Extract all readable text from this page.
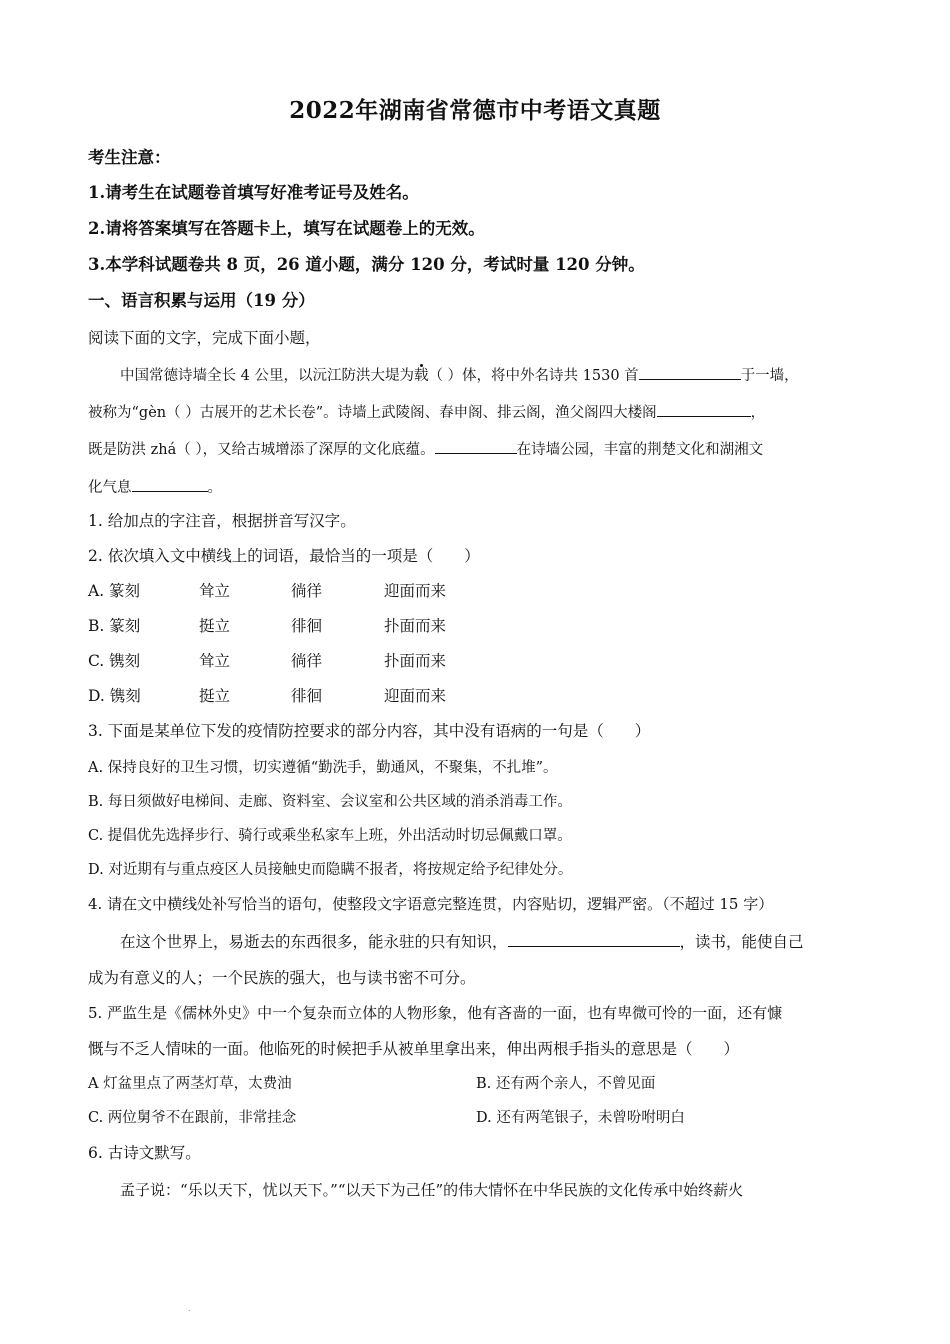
2022年湖南省常德市中考语文真题
考生注意：
1.请考生在试题卷首填写好准考证号及姓名。
2.请将答案填写在答题卡上，填写在试题卷上的无效。
3.本学科试题卷共 8 页，26 道小题，满分 120 分，考试时量 120 分钟。
一、语言积累与运用（19 分）
阅读下面的文字，完成下面小题，
中国常德诗墙全长 4 公里，以沅江防洪大堤为载（ ）体，将中外名诗共 1530 首	于一墙，
被称为“gèn（ ）古展开的艺术长卷”。诗墙上武陵阁、春申阁、排云阁，渔父阁四大楼阁	，
既是防洪 zhá（ ），又给古城增添了深厚的文化底蕴。	在诗墙公园，丰富的荆楚文化和湖湘文
化气息	。
1. 给加点的字注音，根据拼音写汉字。
2. 依次填入文中横线上的词语，最恰当的一项是（　　）
A. 篆刻	耸立	徜徉	迎面而来
B. 篆刻	挺立	徘徊	扑面而来
C. 镌刻	耸立	徜徉	扑面而来
D. 镌刻	挺立	徘徊	迎面而来
3. 下面是某单位下发的疫情防控要求的部分内容，其中没有语病的一句是（　　）
A. 保持良好的卫生习惯，切实遵循“勤洗手，勤通风，不聚集，不扎堆”。
B. 每日须做好电梯间、走廊、资料室、会议室和公共区域的消杀消毒工作。
C. 提倡优先选择步行、骑行或乘坐私家车上班，外出活动时切忌佩戴口罩。
D. 对近期有与重点疫区人员接触史而隐瞒不报者，将按规定给予纪律处分。
4. 请在文中横线处补写恰当的语句，使整段文字语意完整连贯，内容贴切，逻辑严密。（不超过 15 字）
在这个世界上，易逝去的东西很多，能永驻的只有知识，	，读书，能使自己
成为有意义的人；一个民族的强大，也与读书密不可分。
5. 严监生是《儒林外史》中一个复杂而立体的人物形象，他有吝啬的一面，也有卑微可怜的一面，还有慷
慨与不乏人情味的一面。他临死的时候把手从被单里拿出来，伸出两根手指头的意思是（　　）
A 灯盆里点了两茎灯草，太费油	B. 还有两个亲人，不曾见面
C. 两位舅爷不在跟前，非常挂念	D. 还有两笔银子，未曾吩咐明白
6. 古诗文默写。
孟子说：“乐以天下，忧以天下。”“以天下为己任”的伟大情怀在中华民族的文化传承中始终薪火
.
